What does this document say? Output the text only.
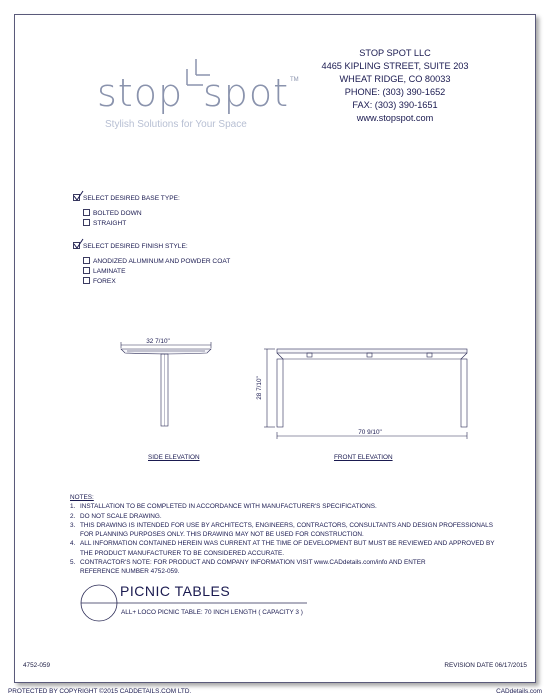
stop spot TM
Stylish Solutions for Your Space
STOP SPOT LLC
4465 KIPLING STREET, SUITE 203
WHEAT RIDGE, CO 80033
PHONE: (303) 390-1652
FAX: (303) 390-1651
www.stopspot.com
SELECT DESIRED BASE TYPE:
BOLTED DOWN
STRAIGHT
SELECT DESIRED FINISH STYLE:
ANODIZED ALUMINUM AND POWDER COAT
LAMINATE
FOREX
32 7/10"
28 7/10"
70 9/10"
SIDE ELEVATION	FRONT ELEVATION
NOTES:
1. INSTALLATION TO BE COMPLETED IN ACCORDANCE WITH MANUFACTURER'S SPECIFICATIONS.
2. DO NOT SCALE DRAWING.
3. THIS DRAWING IS INTENDED FOR USE BY ARCHITECTS, ENGINEERS, CONTRACTORS, CONSULTANTS AND DESIGN PROFESSIONALS
FOR PLANNING PURPOSES ONLY. THIS DRAWING MAY NOT BE USED FOR CONSTRUCTION.
4. ALL INFORMATION CONTAINED HEREIN WAS CURRENT AT THE TIME OF DEVELOPMENT BUT MUST BE REVIEWED AND APPROVED BY
THE PRODUCT MANUFACTURER TO BE CONSIDERED ACCURATE.
5. CONTRACTOR'S NOTE: FOR PRODUCT AND COMPANY INFORMATION VISIT www.CADdetails.com/info AND ENTER
REFERENCE NUMBER 4752-059.
PICNIC TABLES
ALL+ LOCO PICNIC TABLE: 70 INCH LENGTH ( CAPACITY 3 )
4752-059	REVISION DATE 06/17/2015
PROTECTED BY COPYRIGHT ©2015 CADDETAILS.COM LTD.	CADdetails.com
